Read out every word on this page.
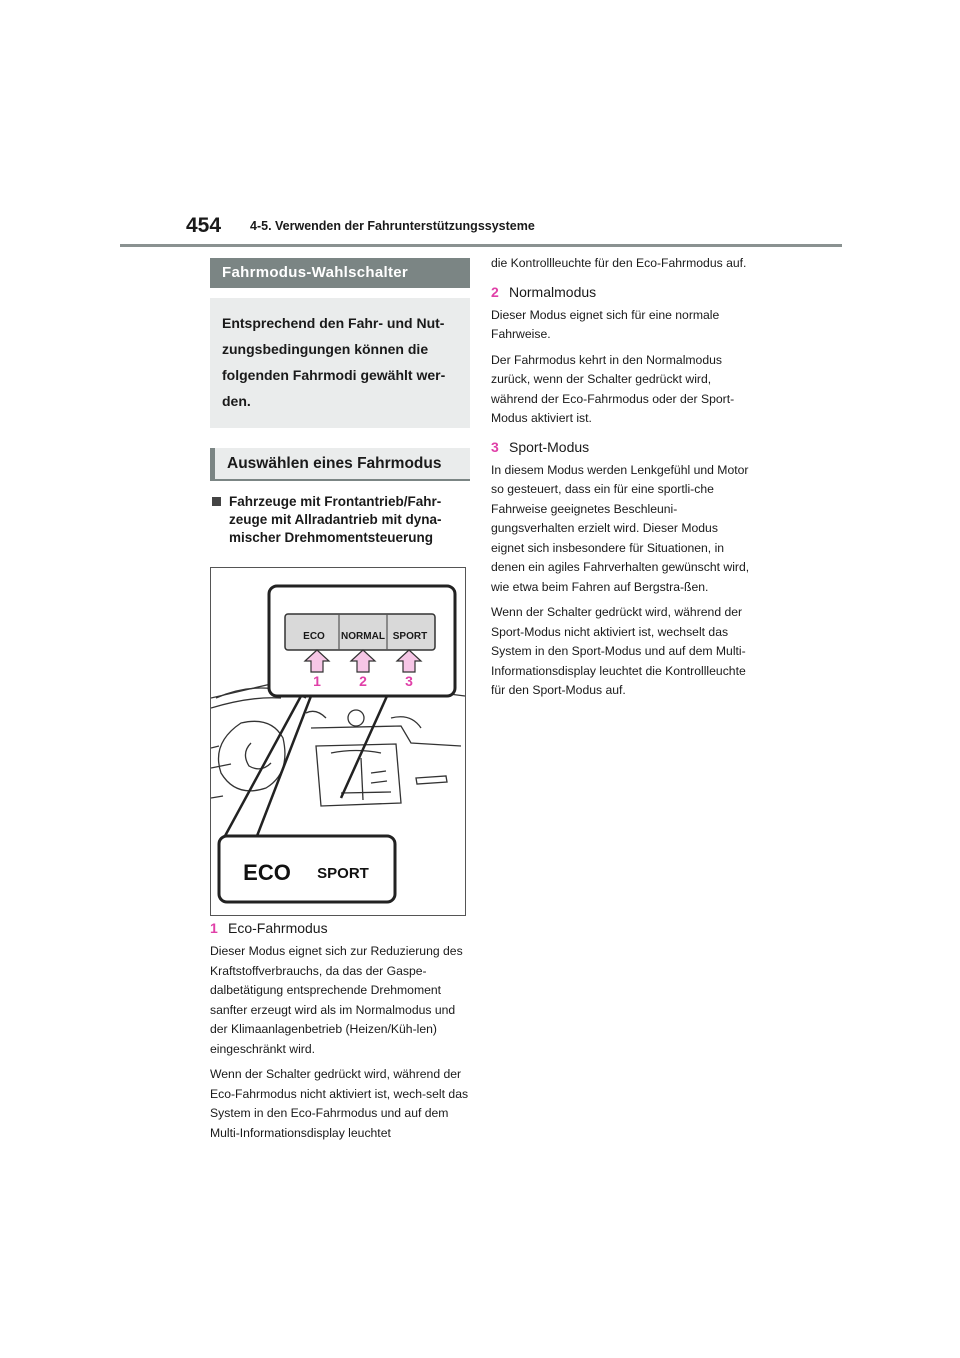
454 4-5. Verwenden der Fahrunterstützungssysteme
Fahrmodus-Wahlschalter
Entsprechend den Fahr- und Nut-zungsbedingungen können die folgenden Fahrmodi gewählt wer-den.
Auswählen eines Fahrmodus
Fahrzeuge mit Frontantrieb/Fahr-zeuge mit Allradantrieb mit dyna-mischer Drehmomentsteuerung
ECO NORMAL SPORT
1	2	3
ECO SPORT
1 Eco-Fahrmodus

Dieser Modus eignet sich zur Reduzierung des Kraftstoffverbrauchs, da das der Gaspe-dalbetätigung entsprechende Drehmoment sanfter erzeugt wird als im Normalmodus und der Klimaanlagenbetrieb (Heizen/Küh-len) eingeschränkt wird.

Wenn der Schalter gedrückt wird, während der Eco-Fahrmodus nicht aktiviert ist, wech-selt das System in den Eco-Fahrmodus und auf dem Multi-Informationsdisplay leuchtet

die Kontrollleuchte für den Eco-Fahrmodus auf.

2 Normalmodus

Dieser Modus eignet sich für eine normale Fahrweise.

Der Fahrmodus kehrt in den Normalmodus zurück, wenn der Schalter gedrückt wird, während der Eco-Fahrmodus oder der Sport-Modus aktiviert ist.

3 Sport-Modus

In diesem Modus werden Lenkgefühl und Motor so gesteuert, dass ein für eine sportli-che Fahrweise geeignetes Beschleuni-gungsverhalten erzielt wird. Dieser Modus eignet sich insbesondere für Situationen, in denen ein agiles Fahrverhalten gewünscht wird, wie etwa beim Fahren auf Bergstra-ßen.

Wenn der Schalter gedrückt wird, während der Sport-Modus nicht aktiviert ist, wechselt das System in den Sport-Modus und auf dem Multi-Informationsdisplay leuchtet die Kontrollleuchte für den Sport-Modus auf.
